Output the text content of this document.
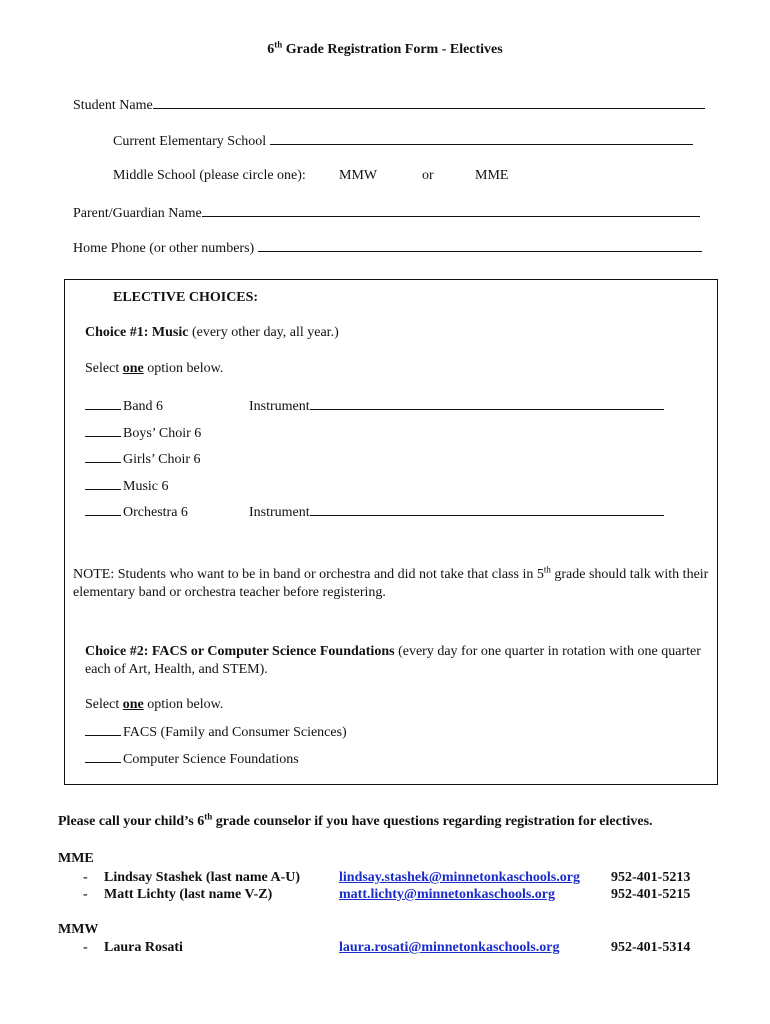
6th Grade Registration Form - Electives
Student Name
Current Elementary School
Middle School (please circle one): MMW	or	MME
Parent/Guardian Name
Home Phone (or other numbers)
ELECTIVE CHOICES:
Choice #1: Music (every other day, all year.)
Select one option below.
Band 6	Instrument
Boys’ Choir 6
Girls’ Choir 6
Music 6
Orchestra 6	Instrument
NOTE: Students who want to be in band or orchestra and did not take that class in 5th grade should talk with their elementary band or orchestra teacher before registering.
Choice #2: FACS or Computer Science Foundations (every day for one quarter in rotation with one quarter each of Art, Health, and STEM).
Select one option below.
FACS (Family and Consumer Sciences)
Computer Science Foundations
Please call your child’s 6th grade counselor if you have questions regarding registration for electives.
MME
- Lindsay Stashek (last name A-U)	lindsay.stashek@minnetonkaschools.org 952-401-5213
- Matt Lichty (last name V-Z)	matt.lichty@minnetonkaschools.org	952-401-5215
MMW
- Laura Rosati	laura.rosati@minnetonkaschools.org	952-401-5314
